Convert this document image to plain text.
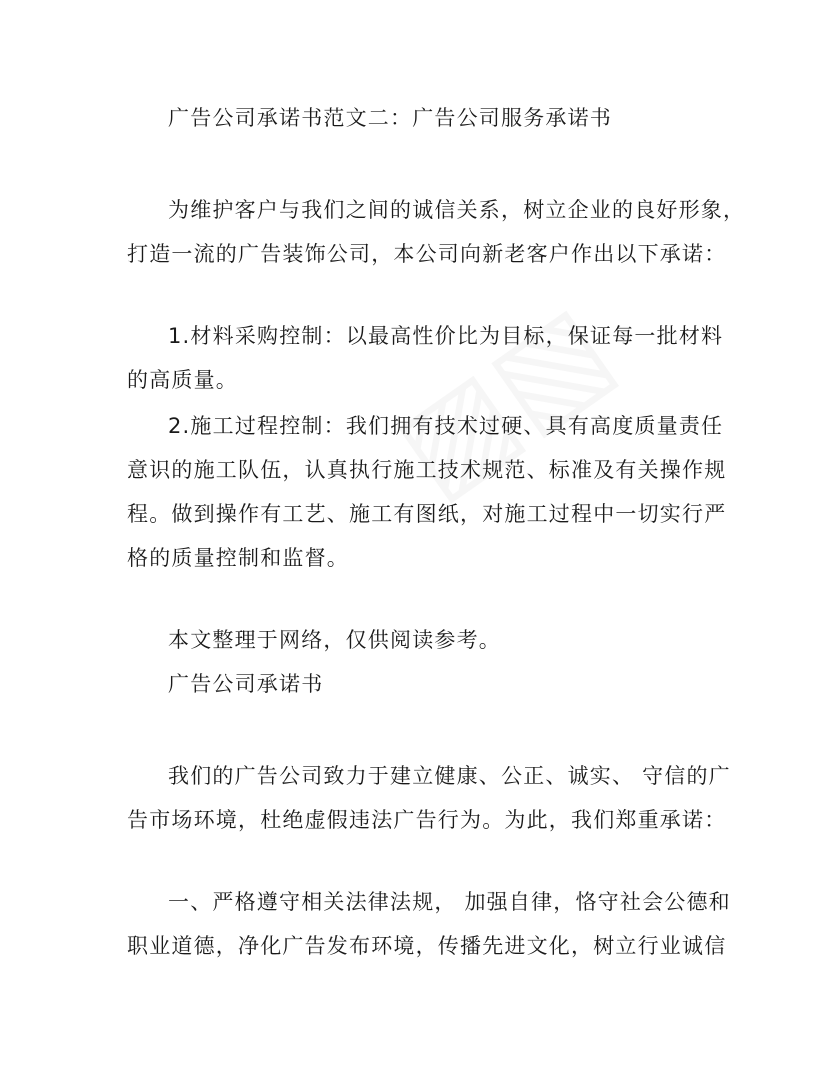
广告公司承诺书范文二：广告公司服务承诺书
为维护客户与我们之间的诚信关系，树立企业的良好形象，
打造一流的广告装饰公司，本公司向新老客户作出以下承诺：
1.材料采购控制：以最高性价比为目标，保证每一批材料
的高质量。
2.施工过程控制：我们拥有技术过硬、具有高度质量责任
意识的施工队伍，认真执行施工技术规范、标准及有关操作规
程。做到操作有工艺、施工有图纸，对施工过程中一切实行严
格的质量控制和监督。
本文整理于网络，仅供阅读参考。
广告公司承诺书
我们的广告公司致力于建立健康、公正、诚实、 守信的广
告市场环境，杜绝虚假违法广告行为。为此，我们郑重承诺：
一、严格遵守相关法律法规， 加强自律，恪守社会公德和
职业道德，净化广告发布环境，传播先进文化，树立行业诚信
